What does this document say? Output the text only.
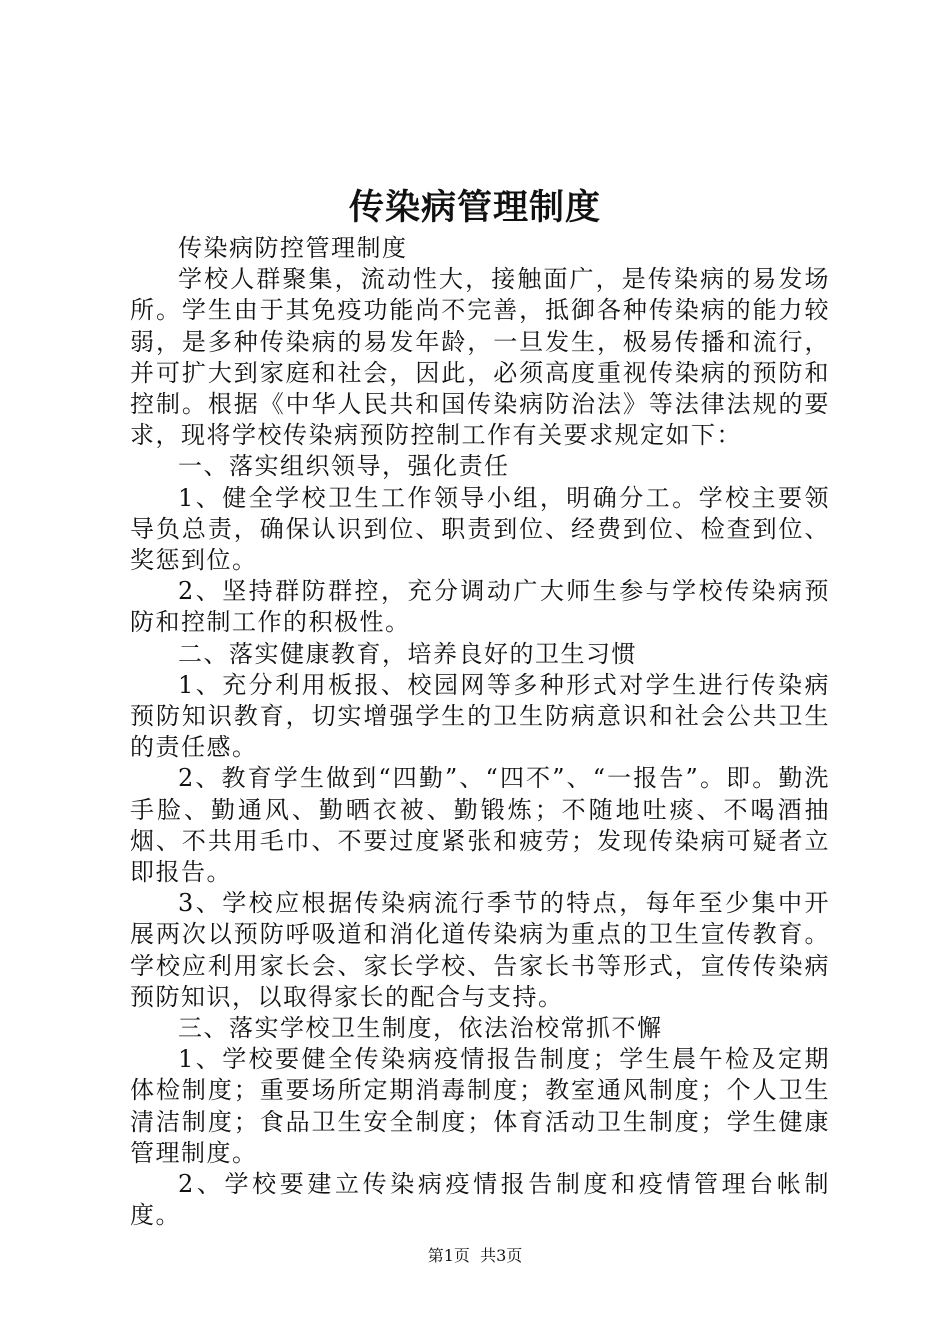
传染病管理制度

传染病防控管理制度

学校人群聚集，流动性大，接触面广，是传染病的易发场所。学生由于其免疫功能尚不完善，抵御各种传染病的能力较弱，是多种传染病的易发年龄，一旦发生，极易传播和流行，并可扩大到家庭和社会，因此，必须高度重视传染病的预防和控制。根据《中华人民共和国传染病防治法》等法律法规的要求，现将学校传染病预防控制工作有关要求规定如下：

一、落实组织领导，强化责任

1、健全学校卫生工作领导小组，明确分工。学校主要领导负总责，确保认识到位、职责到位、经费到位、检查到位、奖惩到位。

2、坚持群防群控，充分调动广大师生参与学校传染病预防和控制工作的积极性。

二、落实健康教育，培养良好的卫生习惯

1、充分利用板报、校园网等多种形式对学生进行传染病预防知识教育，切实增强学生的卫生防病意识和社会公共卫生的责任感。

2、教育学生做到“四勤”、“四不”、“一报告”。即。勤洗手脸、勤通风、勤晒衣被、勤锻炼；不随地吐痰、不喝酒抽烟、不共用毛巾、不要过度紧张和疲劳；发现传染病可疑者立即报告。

3、学校应根据传染病流行季节的特点，每年至少集中开展两次以预防呼吸道和消化道传染病为重点的卫生宣传教育。学校应利用家长会、家长学校、告家长书等形式，宣传传染病预防知识，以取得家长的配合与支持。

三、落实学校卫生制度，依法治校常抓不懈

1、学校要健全传染病疫情报告制度；学生晨午检及定期体检制度；重要场所定期消毒制度；教室通风制度；个人卫生清洁制度；食品卫生安全制度；体育活动卫生制度；学生健康管理制度。

2、学校要建立传染病疫情报告制度和疫情管理台帐制度。

第1页 共3页
